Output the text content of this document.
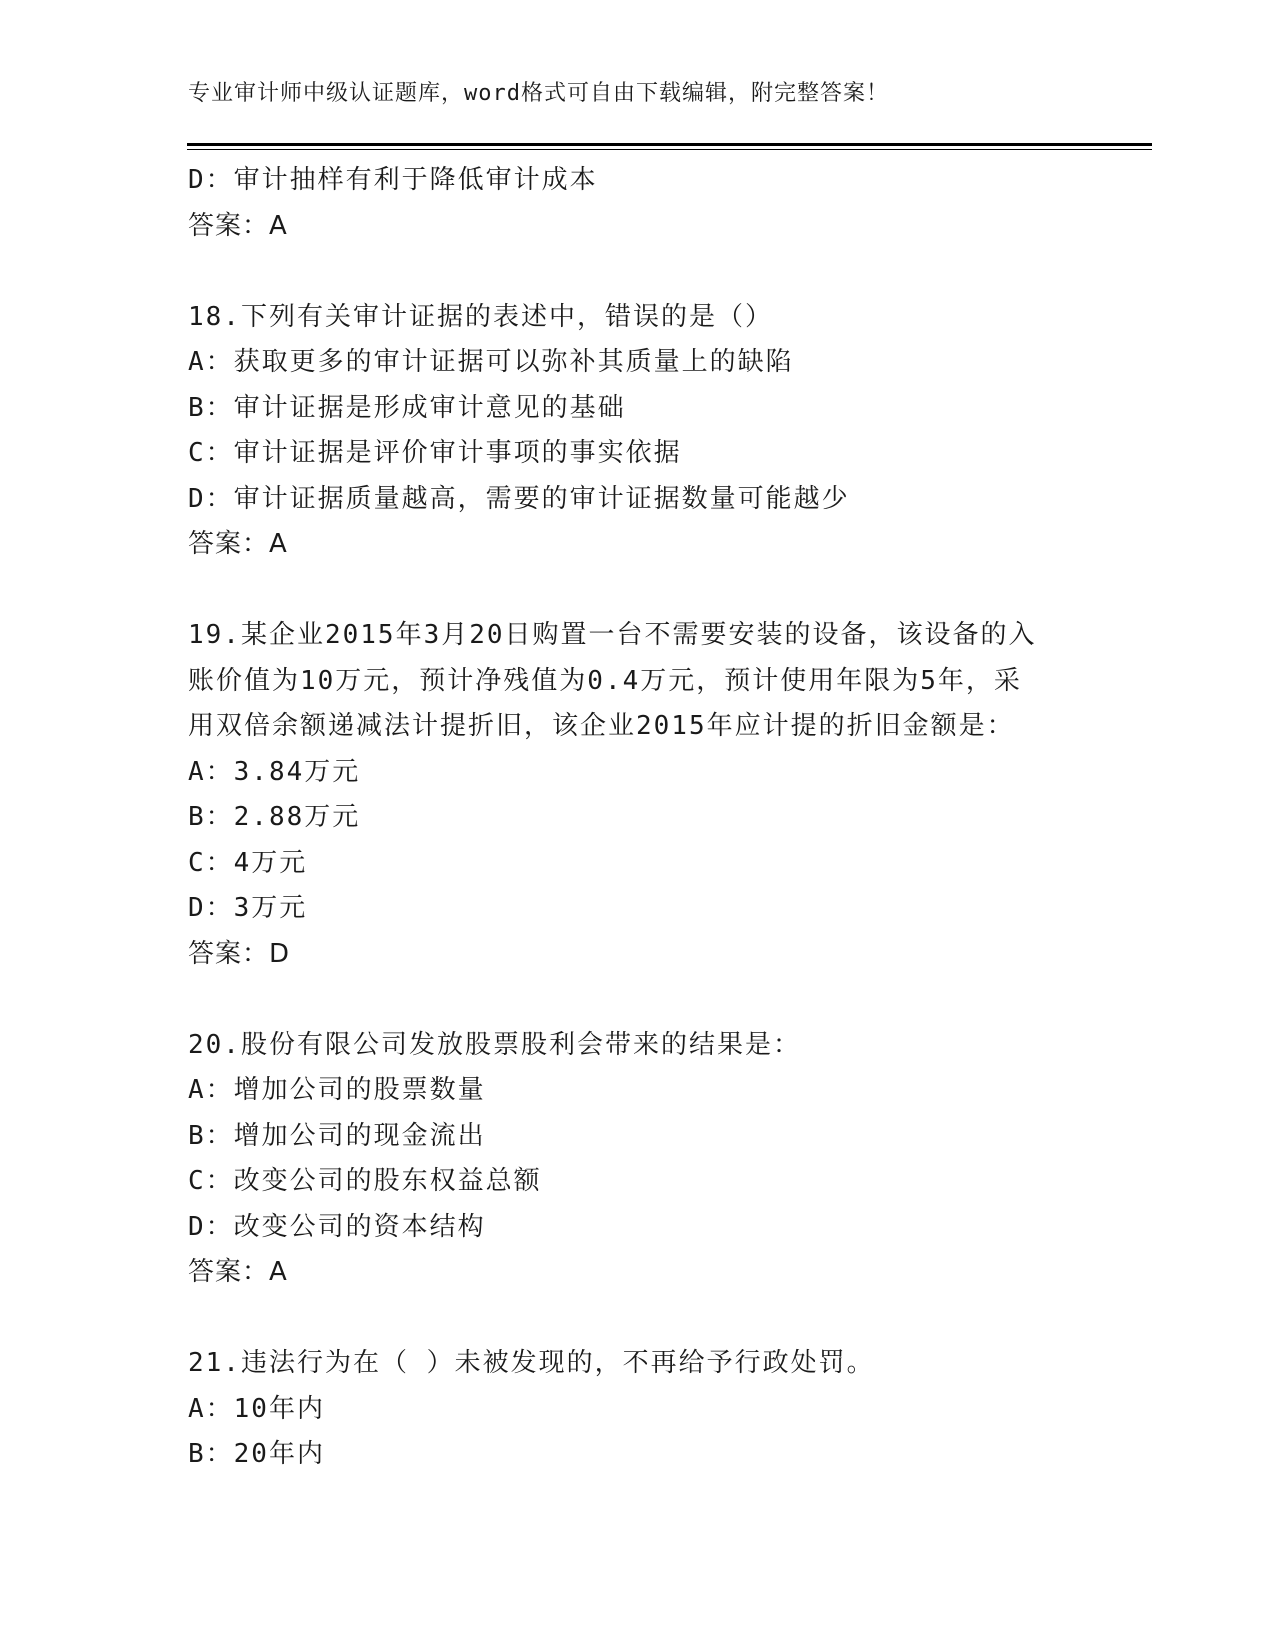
专业审计师中级认证题库，word格式可自由下载编辑，附完整答案！
D：审计抽样有利于降低审计成本
答案：A
18.下列有关审计证据的表述中，错误的是（）
A：获取更多的审计证据可以弥补其质量上的缺陷
B：审计证据是形成审计意见的基础
C：审计证据是评价审计事项的事实依据
D：审计证据质量越高，需要的审计证据数量可能越少
答案：A
19.某企业2015年3月20日购置一台不需要安装的设备，该设备的入
账价值为10万元，预计净残值为0.4万元，预计使用年限为5年，采
用双倍余额递减法计提折旧，该企业2015年应计提的折旧金额是：
A：3.84万元
B：2.88万元
C：4万元
D：3万元
答案：D
20.股份有限公司发放股票股利会带来的结果是：
A：增加公司的股票数量
B：增加公司的现金流出
C：改变公司的股东权益总额
D：改变公司的资本结构
答案：A
21.违法行为在（ ）未被发现的，不再给予行政处罚。
A：10年内
B：20年内
